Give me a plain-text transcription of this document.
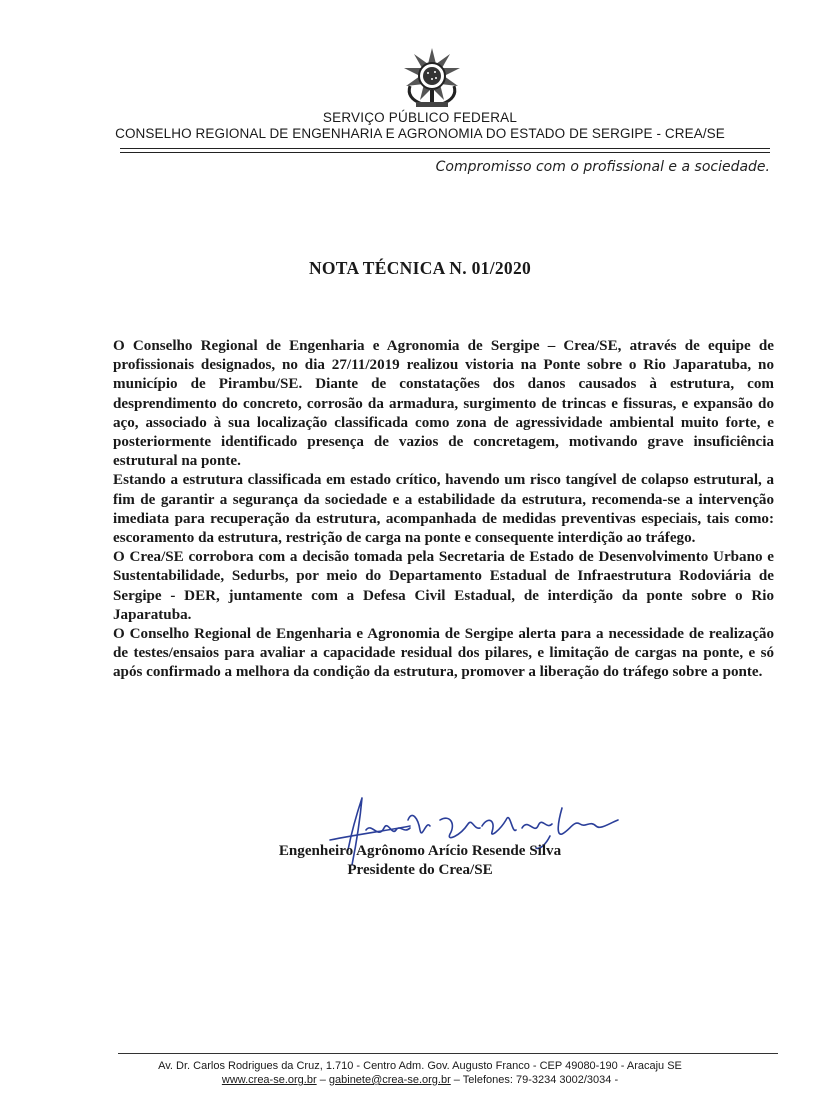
SERVIÇO PÚBLICO FEDERAL
CONSELHO REGIONAL DE ENGENHARIA E AGRONOMIA DO ESTADO DE SERGIPE - CREA/SE
Compromisso com o profissional e a sociedade.
NOTA TÉCNICA N. 01/2020

O Conselho Regional de Engenharia e Agronomia de Sergipe – Crea/SE, através de equipe de profissionais designados, no dia 27/11/2019 realizou vistoria na Ponte sobre o Rio Japaratuba, no município de Pirambu/SE. Diante de constatações dos danos causados à estrutura, com desprendimento do concreto, corrosão da armadura, surgimento de trincas e fissuras, e expansão do aço, associado à sua localização classificada como zona de agressividade ambiental muito forte, e posteriormente identificado presença de vazios de concretagem, motivando grave insuficiência estrutural na ponte.

Estando a estrutura classificada em estado crítico, havendo um risco tangível de colapso estrutural, a fim de garantir a segurança da sociedade e a estabilidade da estrutura, recomenda-se a intervenção imediata para recuperação da estrutura, acompanhada de medidas preventivas especiais, tais como: escoramento da estrutura, restrição de carga na ponte e consequente interdição ao tráfego.

O Crea/SE corrobora com a decisão tomada pela Secretaria de Estado de Desenvolvimento Urbano e Sustentabilidade, Sedurbs, por meio do Departamento Estadual de Infraestrutura Rodoviária de Sergipe - DER, juntamente com a Defesa Civil Estadual, de interdição da ponte sobre o Rio Japaratuba.

O Conselho Regional de Engenharia e Agronomia de Sergipe alerta para a necessidade de realização de testes/ensaios para avaliar a capacidade residual dos pilares, e limitação de cargas na ponte, e só após confirmado a melhora da condição da estrutura, promover a liberação do tráfego sobre a ponte.

Engenheiro Agrônomo Arício Resende Silva
Presidente do Crea/SE
Av. Dr. Carlos Rodrigues da Cruz, 1.710 - Centro Adm. Gov. Augusto Franco - CEP 49080-190 - Aracaju SE
www.crea-se.org.br – gabinete@crea-se.org.br – Telefones: 79-3234 3002/3034 -
